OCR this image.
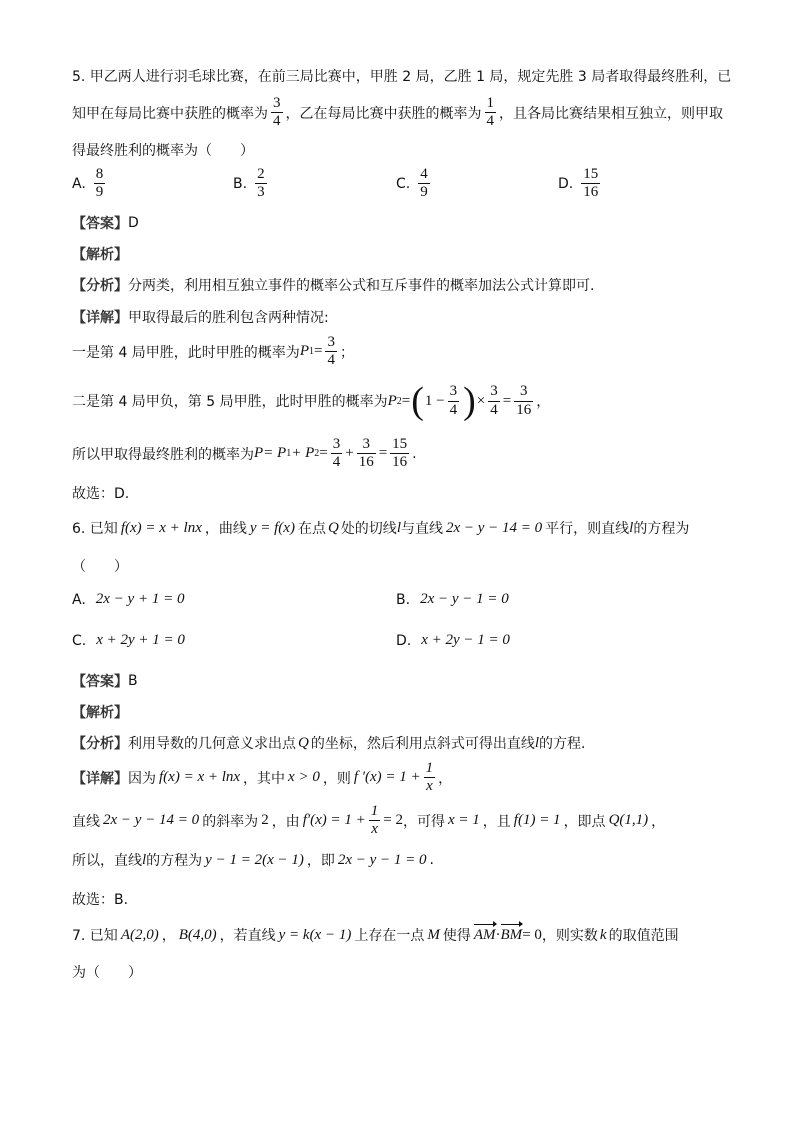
5. 甲乙两人进行羽毛球比赛，在前三局比赛中，甲胜 2 局，乙胜 1 局，规定先胜 3 局者取得最终胜利，已
知甲在每局比赛中获胜的概率为 $\frac{3}{4}$ ，乙在每局比赛中获胜的概率为 $\frac{1}{4}$ ，且各局比赛结果相互独立，则甲取
得最终胜利的概率为（　　）
A. $\frac{8}{9}$	B. $\frac{2}{3}$	C. $\frac{4}{9}$	D. $\frac{15}{16}$
【答案】 D
【解析】
【分析】 分两类，利用相互独立事件的概率公式和互斥事件的概率加法公式计算即可.
【详解】 甲取得最后的胜利包含两种情况:
一是第 4 局甲胜，此时甲胜的概率为 P $1 = \frac{3}{4}$ ；
二是第 4 局甲负，第 5 局甲胜，此时甲胜的概率为 P 2 = ( $1 - \frac{3}{4}$ ) × $\frac{3}{4} = \frac{3}{16}$ ，
所以甲取得最终胜利的概率为 P = P 1 + P $2 = \frac{3}{4} + \frac{3}{16} = \frac{15}{16}$ .
故选：D.
6. 已知 f(x) = x + lnx ，曲线 y = f(x) 在点 Q 处的切线 l 与直线 2x − y − 14 = 0 平行，则直线 l 的方程为
（　　）
A. 2x − y + 1 = 0	B. 2x − y − 1 = 0
C. x + 2y + 1 = 0	D. x + 2y − 1 = 0
【答案】 B
【解析】
【分析】 利用导数的几何意义求出点 Q 的坐标，然后利用点斜式可得出直线 l 的方程.
【详解】 因为 f(x) = x + lnx ，其中 x > 0 ，则 f $'(x) = 1 + \frac{1}{x}$ ，
直线 2x − y − 14 = 0 的斜率为 2 ，由 $f'(x) = 1 + \frac{1}{x} = 2$ ，可得 x = 1 ，且 f(1) = 1 ，即点 Q(1,1) ，
所以，直线 l 的方程为 y − 1 = 2(x − 1) ，即 2x − y − 1 = 0 .
故选：B.
7. 已知 A(2,0) ， B(4,0) ，若直线 y = k(x − 1) 上存在一点 M 使得 AM · BM = 0 ，则实数 k 的取值范围
为（　　）
